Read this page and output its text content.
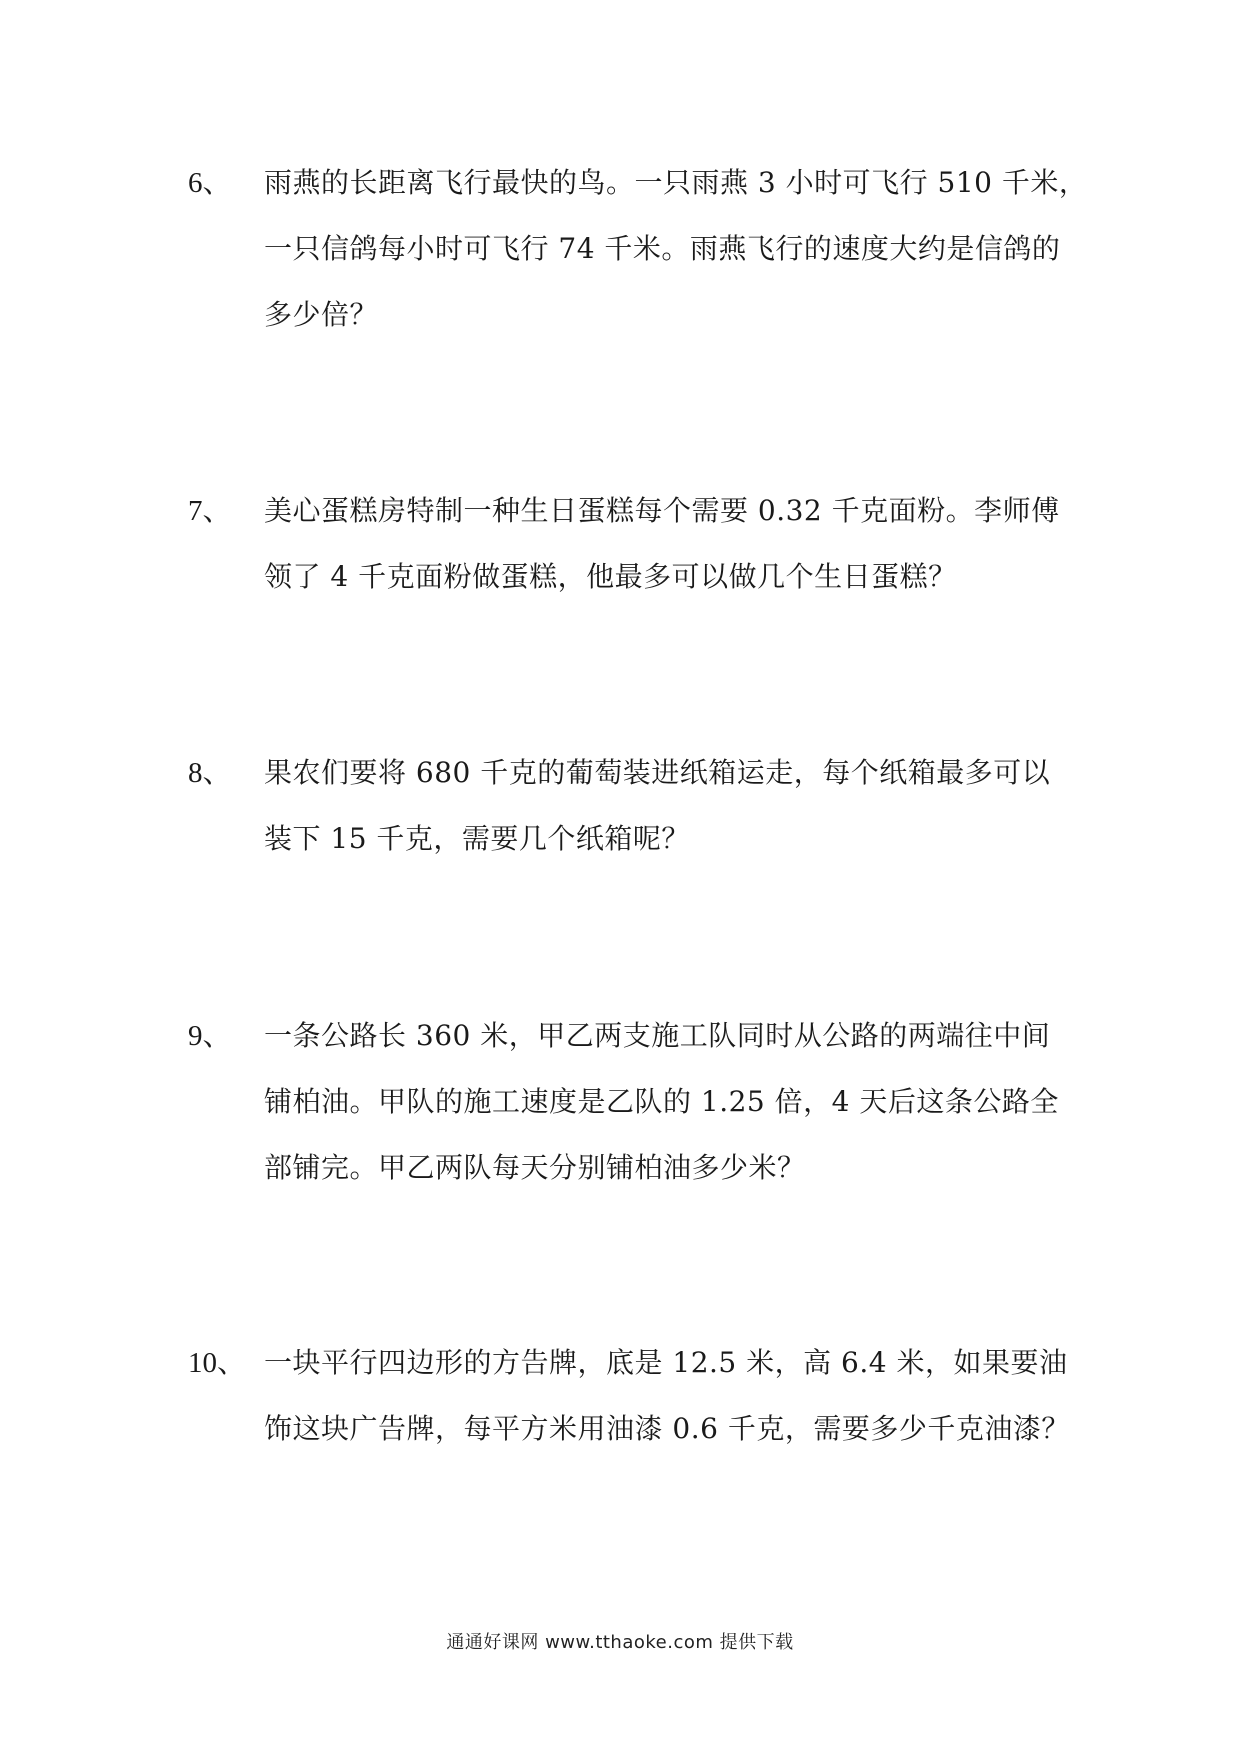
6、 雨燕的长距离飞行最快的鸟。一只雨燕 3 小时可飞行 510 千米，
一只信鸽每小时可飞行 74 千米。雨燕飞行的速度大约是信鸽的
多少倍？
7、 美心蛋糕房特制一种生日蛋糕每个需要 0.32 千克面粉。李师傅
领了 4 千克面粉做蛋糕，他最多可以做几个生日蛋糕？
8、 果农们要将 680 千克的葡萄装进纸箱运走，每个纸箱最多可以
装下 15 千克，需要几个纸箱呢？
9、 一条公路长 360 米，甲乙两支施工队同时从公路的两端往中间
铺柏油。甲队的施工速度是乙队的 1.25 倍，4 天后这条公路全
部铺完。甲乙两队每天分别铺柏油多少米？
10、 一块平行四边形的方告牌，底是 12.5 米，高 6.4 米，如果要油
饰这块广告牌，每平方米用油漆 0.6 千克，需要多少千克油漆？
通通好课网 www.tthaoke.com 提供下载
